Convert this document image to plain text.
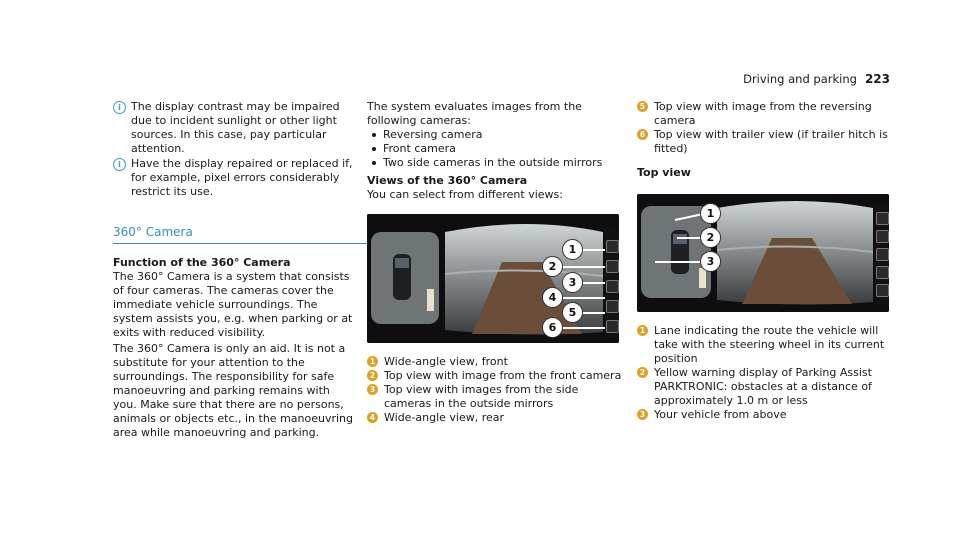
Driving and parking 223
i The display contrast may be impaired due to incident sunlight or other light sources. In this case, pay particular attention.

i Have the display repaired or replaced if, for example, pixel errors considerably restrict its use.

360° Camera

Function of the 360° Camera

The 360° Camera is a system that consists of four cameras. The cameras cover the immediate vehicle surroundings. The system assists you, e.g. when parking or at exits with reduced visibility.

The 360° Camera is only an aid. It is not a substitute for your attention to the surroundings. The responsibility for safe manoeuvring and parking remains with you. Make sure that there are no persons, animals or objects etc., in the manoeuvring area while manoeuvring and parking.

The system evaluates images from the following cameras:

Reversing camera
Front camera
Two side cameras in the outside mirrors

Views of the 360° Camera

You can select from different views:

1
2
3
4
5
6
1 Wide-angle view, front
2 Top view with image from the front camera
3 Top view with images from the side cameras in the outside mirrors
4 Wide-angle view, rear
5 Top view with image from the reversing camera
6 Top view with trailer view (if trailer hitch is fitted)

Top view

1
2
3
1 Lane indicating the route the vehicle will take with the steering wheel in its current position
2 Yellow warning display of Parking Assist PARKTRONIC: obstacles at a distance of approximately 1.0 m or less
3 Your vehicle from above
